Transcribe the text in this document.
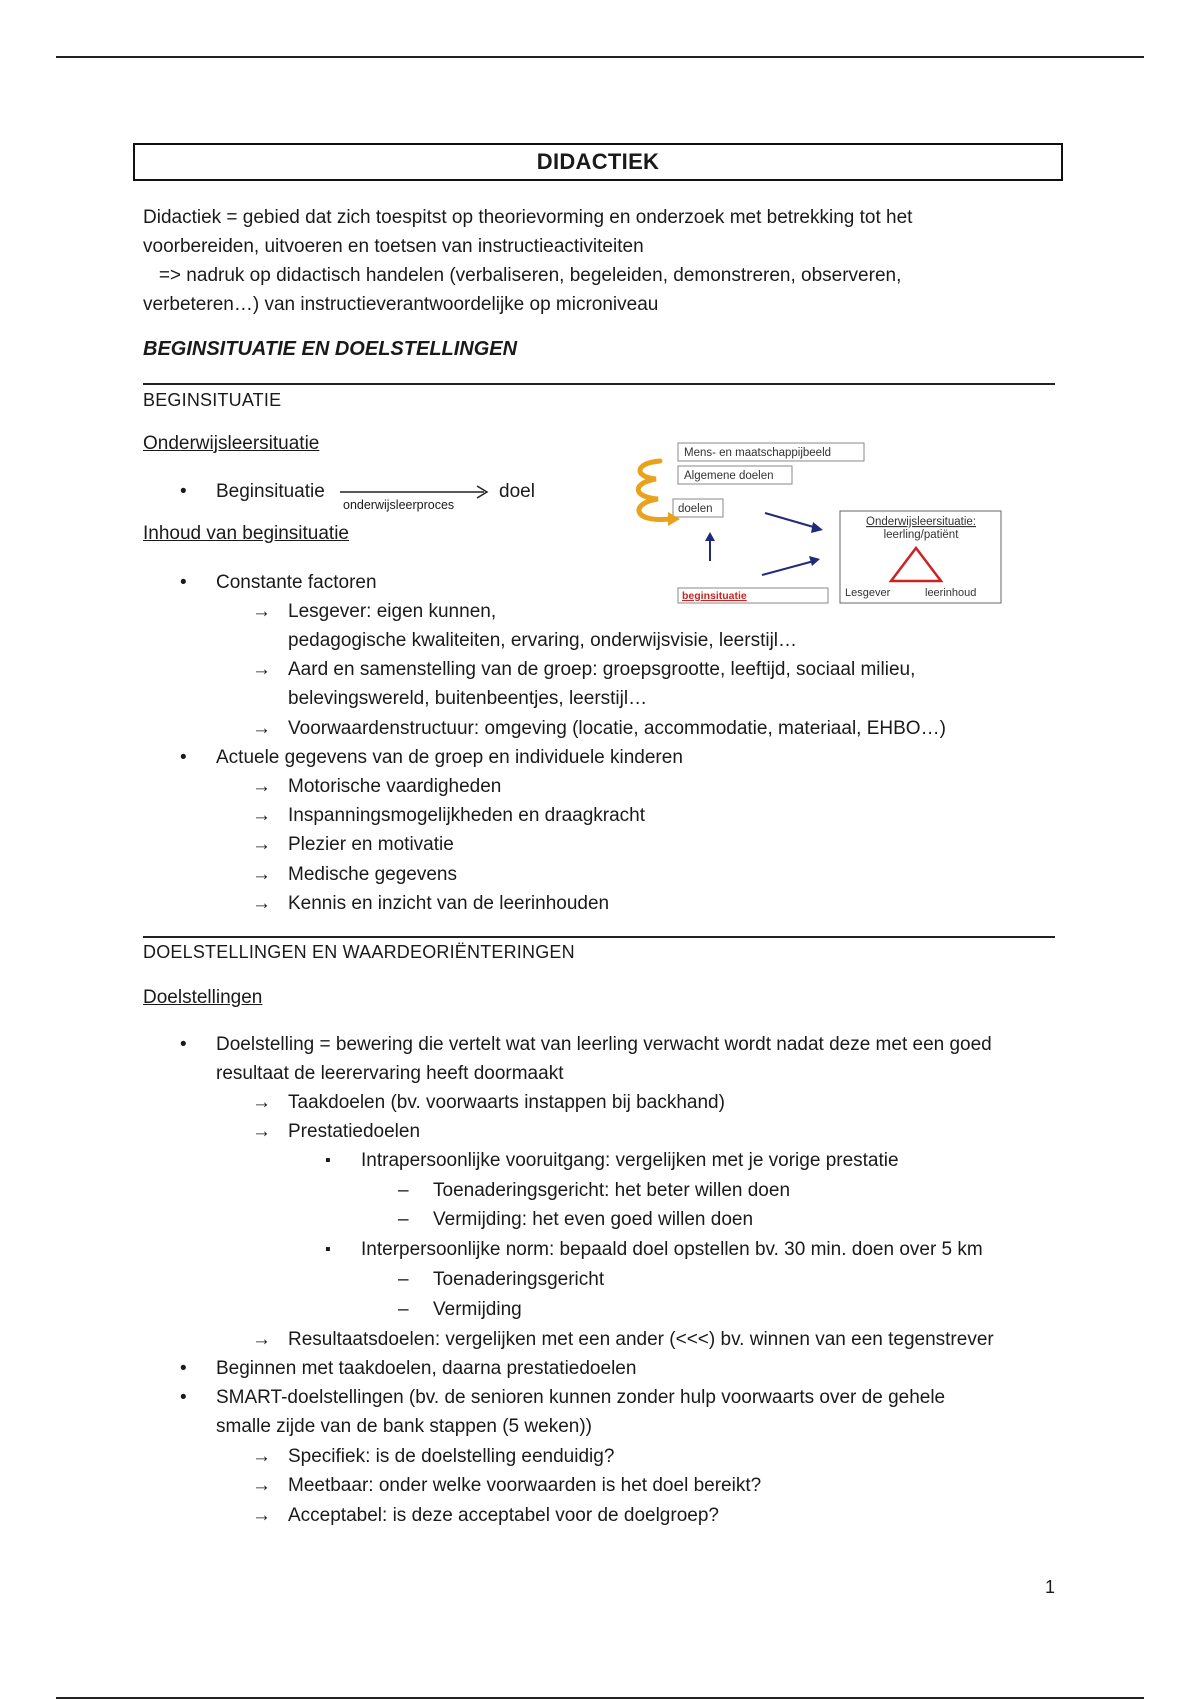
DIDACTIEK
Didactiek = gebied dat zich toespitst op theorievorming en onderzoek met betrekking tot het
voorbereiden, uitvoeren en toetsen van instructieactiviteiten
=> nadruk op didactisch handelen (verbaliseren, begeleiden, demonstreren, observeren,
verbeteren…) van instructieverantwoordelijke op microniveau
BEGINSITUATIE EN DOELSTELLINGEN
BEGINSITUATIE
Onderwijsleersituatie
• Beginsituatie
onderwijsleerproces
doel
Inhoud van beginsituatie
Mens- en maatschappijbeeld
Algemene doelen
doelen
beginsituatie
Onderwijsleersituatie:
leerling/patiënt
Lesgever	leerinhoud
• Constante factoren
→ Lesgever: eigen kunnen,
pedagogische kwaliteiten, ervaring, onderwijsvisie, leerstijl…
→ Aard en samenstelling van de groep: groepsgrootte, leeftijd, sociaal milieu,
belevingswereld, buitenbeentjes, leerstijl…
→ Voorwaardenstructuur: omgeving (locatie, accommodatie, materiaal, EHBO…)
• Actuele gegevens van de groep en individuele kinderen
→ Motorische vaardigheden
→ Inspanningsmogelijkheden en draagkracht
→ Plezier en motivatie
→ Medische gegevens
→ Kennis en inzicht van de leerinhouden
DOELSTELLINGEN EN WAARDEORIËNTERINGEN
Doelstellingen
• Doelstelling = bewering die vertelt wat van leerling verwacht wordt nadat deze met een goed
resultaat de leerervaring heeft doormaakt
→ Taakdoelen (bv. voorwaarts instappen bij backhand)
→ Prestatiedoelen
▪ Intrapersoonlijke vooruitgang: vergelijken met je vorige prestatie
– Toenaderingsgericht: het beter willen doen
– Vermijding: het even goed willen doen
▪ Interpersoonlijke norm: bepaald doel opstellen bv. 30 min. doen over 5 km
– Toenaderingsgericht
– Vermijding
→ Resultaatsdoelen: vergelijken met een ander (<<<) bv. winnen van een tegenstrever
• Beginnen met taakdoelen, daarna prestatiedoelen
• SMART-doelstellingen (bv. de senioren kunnen zonder hulp voorwaarts over de gehele
smalle zijde van de bank stappen (5 weken))
→ Specifiek: is de doelstelling eenduidig?
→ Meetbaar: onder welke voorwaarden is het doel bereikt?
→ Acceptabel: is deze acceptabel voor de doelgroep?
1
